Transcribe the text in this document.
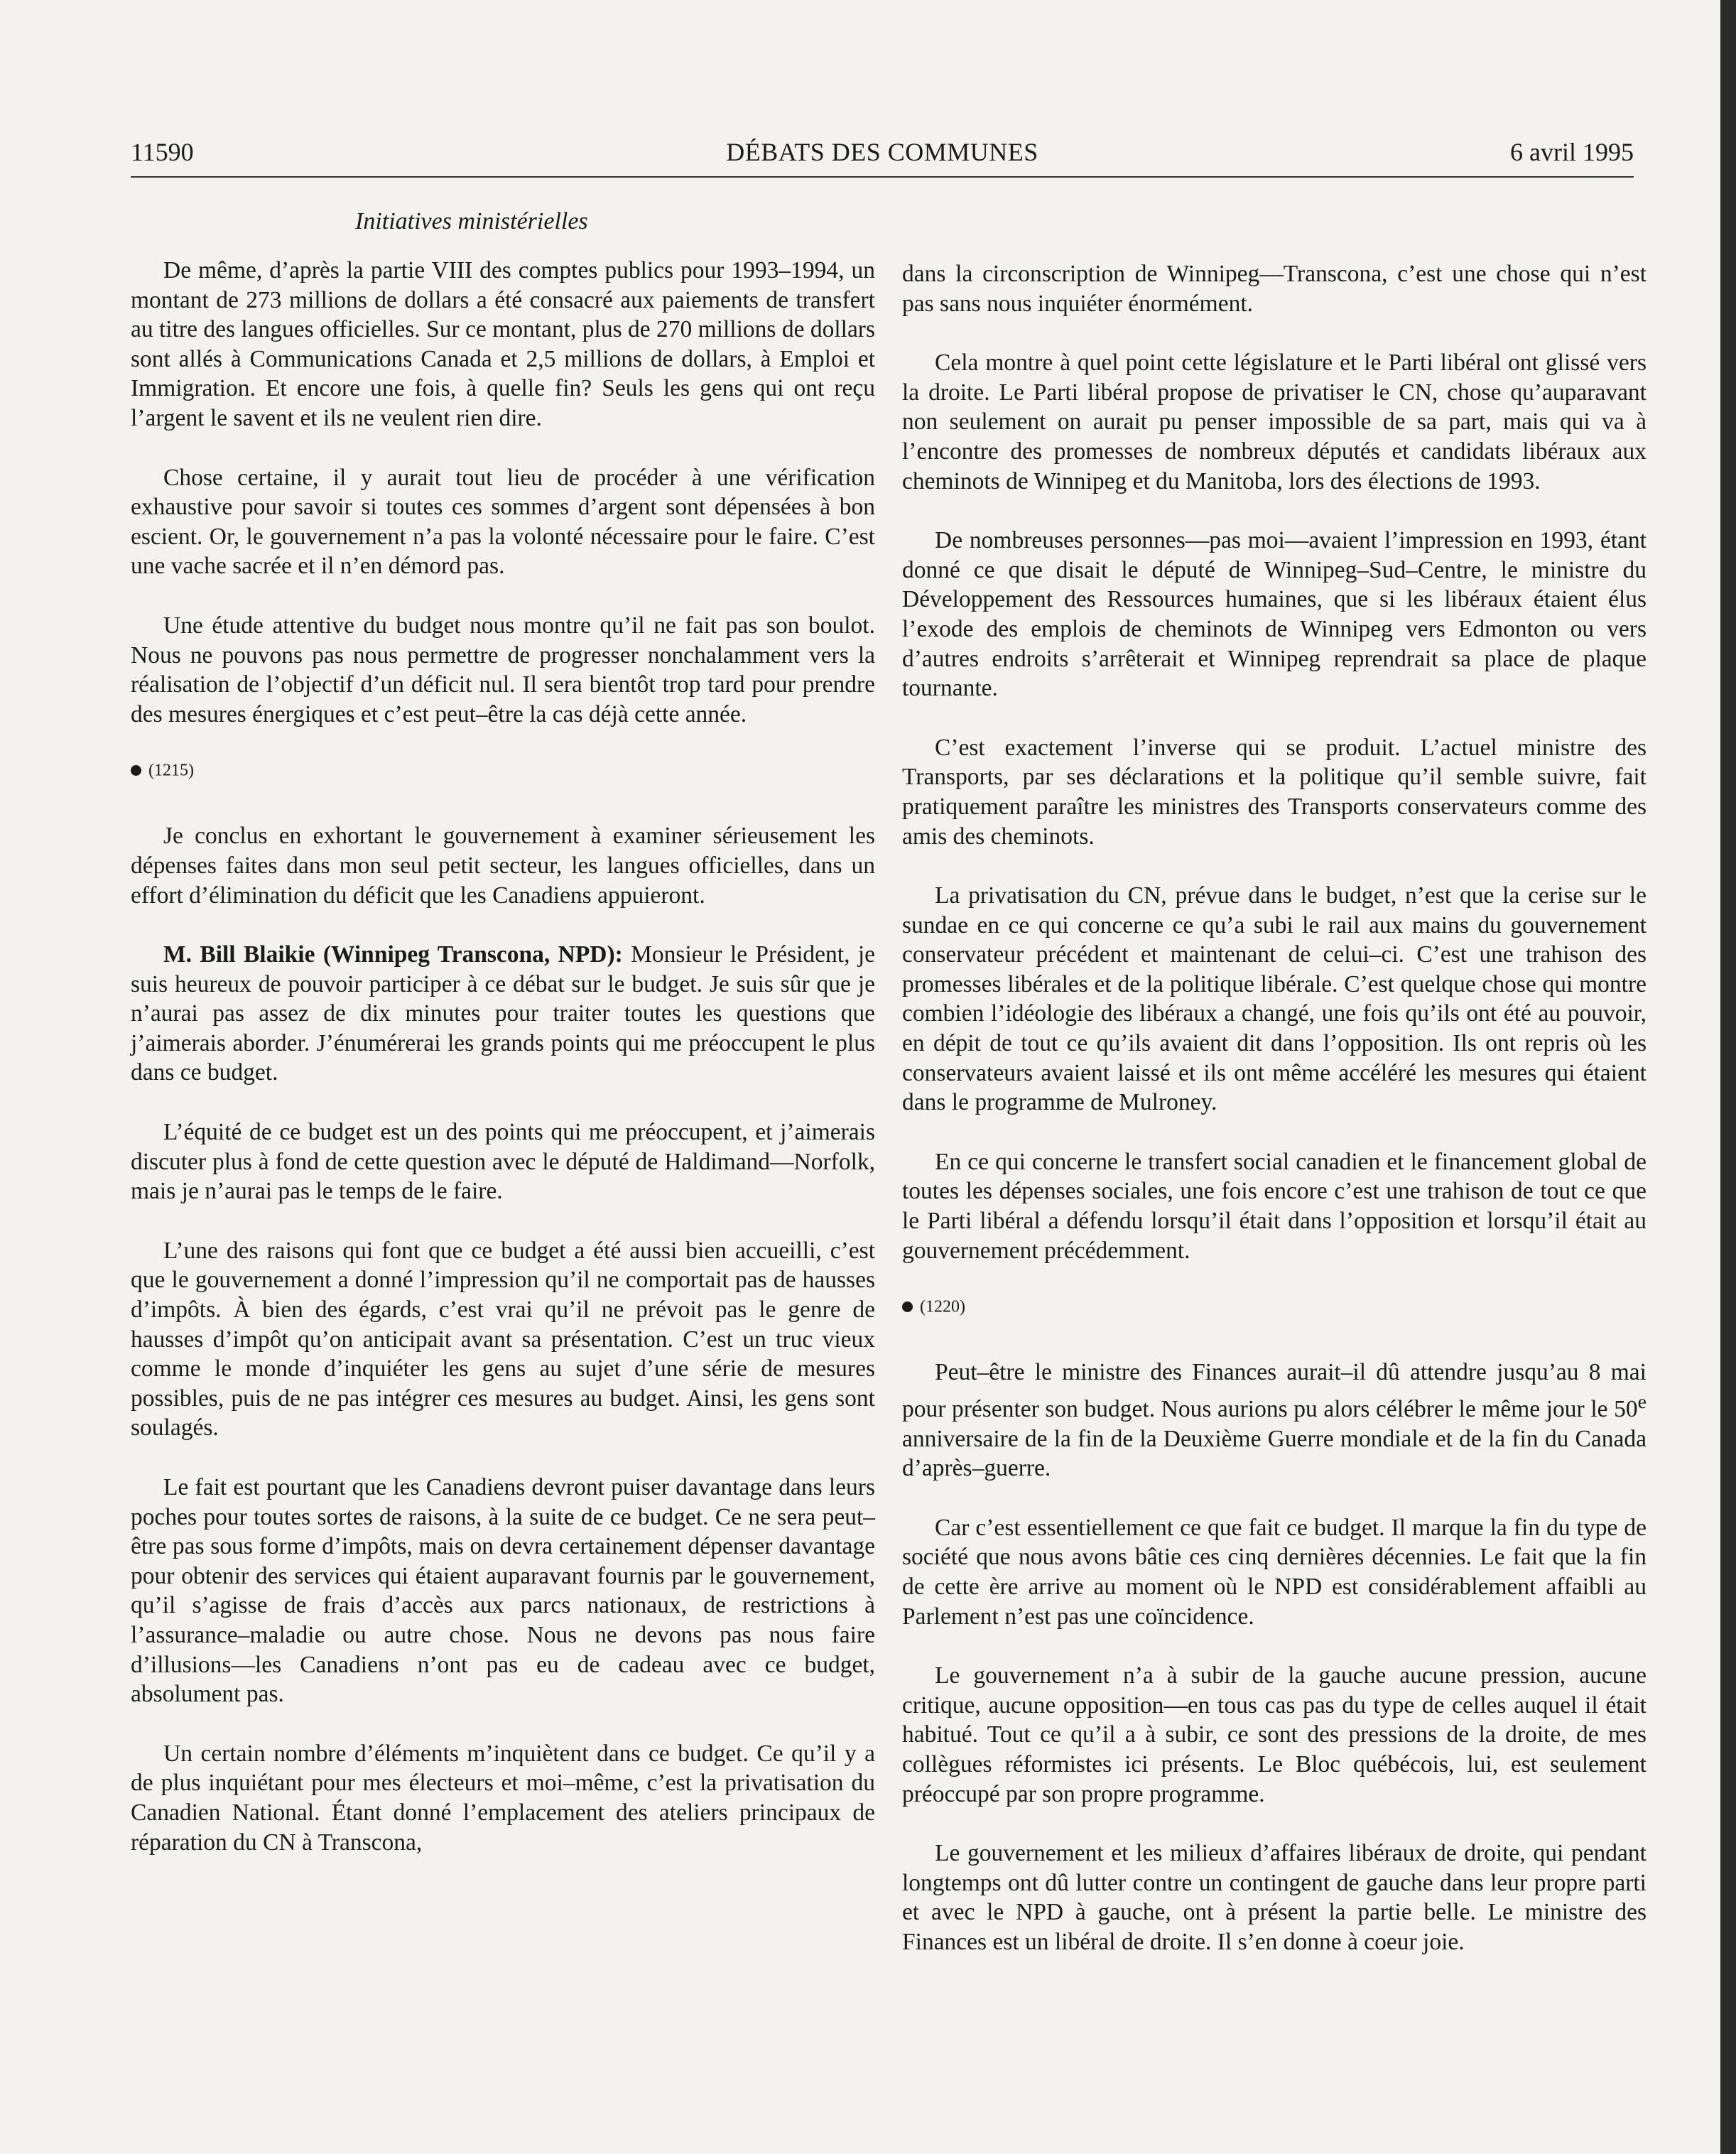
11590	DÉBATS DES COMMUNES	6 avril 1995
Initiatives ministérielles

De même, d’après la partie VIII des comptes publics pour 1993–1994, un montant de 273 millions de dollars a été consacré aux paiements de transfert au titre des langues officielles. Sur ce montant, plus de 270 millions de dollars sont allés à Communications Canada et 2,5 millions de dollars, à Emploi et Immigration. Et encore une fois, à quelle fin? Seuls les gens qui ont reçu l’argent le savent et ils ne veulent rien dire.

Chose certaine, il y aurait tout lieu de procéder à une vérification exhaustive pour savoir si toutes ces sommes d’argent sont dépensées à bon escient. Or, le gouvernement n’a pas la volonté nécessaire pour le faire. C’est une vache sacrée et il n’en démord pas.

Une étude attentive du budget nous montre qu’il ne fait pas son boulot. Nous ne pouvons pas nous permettre de progresser nonchalamment vers la réalisation de l’objectif d’un déficit nul. Il sera bientôt trop tard pour prendre des mesures énergiques et c’est peut–être la cas déjà cette année.

(1215)

Je conclus en exhortant le gouvernement à examiner sérieusement les dépenses faites dans mon seul petit secteur, les langues officielles, dans un effort d’élimination du déficit que les Canadiens appuieront.

M. Bill Blaikie (Winnipeg Transcona, NPD): Monsieur le Président, je suis heureux de pouvoir participer à ce débat sur le budget. Je suis sûr que je n’aurai pas assez de dix minutes pour traiter toutes les questions que j’aimerais aborder. J’énumérerai les grands points qui me préoccupent le plus dans ce budget.

L’équité de ce budget est un des points qui me préoccupent, et j’aimerais discuter plus à fond de cette question avec le député de Haldimand—Norfolk, mais je n’aurai pas le temps de le faire.

L’une des raisons qui font que ce budget a été aussi bien accueilli, c’est que le gouvernement a donné l’impression qu’il ne comportait pas de hausses d’impôts. À bien des égards, c’est vrai qu’il ne prévoit pas le genre de hausses d’impôt qu’on anticipait avant sa présentation. C’est un truc vieux comme le monde d’inquiéter les gens au sujet d’une série de mesures possibles, puis de ne pas intégrer ces mesures au budget. Ainsi, les gens sont soulagés.

Le fait est pourtant que les Canadiens devront puiser davantage dans leurs poches pour toutes sortes de raisons, à la suite de ce budget. Ce ne sera peut–être pas sous forme d’impôts, mais on devra certainement dépenser davantage pour obtenir des services qui étaient auparavant fournis par le gouvernement, qu’il s’agisse de frais d’accès aux parcs nationaux, de restrictions à l’assurance–maladie ou autre chose. Nous ne devons pas nous faire d’illusions—les Canadiens n’ont pas eu de cadeau avec ce budget, absolument pas.

Un certain nombre d’éléments m’inquiètent dans ce budget. Ce qu’il y a de plus inquiétant pour mes électeurs et moi–même, c’est la privatisation du Canadien National. Étant donné l’emplacement des ateliers principaux de réparation du CN à Transcona,

dans la circonscription de Winnipeg—Transcona, c’est une chose qui n’est pas sans nous inquiéter énormément.

Cela montre à quel point cette législature et le Parti libéral ont glissé vers la droite. Le Parti libéral propose de privatiser le CN, chose qu’auparavant non seulement on aurait pu penser impossible de sa part, mais qui va à l’encontre des promesses de nombreux députés et candidats libéraux aux cheminots de Winnipeg et du Manitoba, lors des élections de 1993.

De nombreuses personnes—pas moi—avaient l’impression en 1993, étant donné ce que disait le député de Winnipeg–Sud–Centre, le ministre du Développement des Ressources humaines, que si les libéraux étaient élus l’exode des emplois de cheminots de Winnipeg vers Edmonton ou vers d’autres endroits s’arrêterait et Winnipeg reprendrait sa place de plaque tournante.

C’est exactement l’inverse qui se produit. L’actuel ministre des Transports, par ses déclarations et la politique qu’il semble suivre, fait pratiquement paraître les ministres des Transports conservateurs comme des amis des cheminots.

La privatisation du CN, prévue dans le budget, n’est que la cerise sur le sundae en ce qui concerne ce qu’a subi le rail aux mains du gouvernement conservateur précédent et maintenant de celui–ci. C’est une trahison des promesses libérales et de la politique libérale. C’est quelque chose qui montre combien l’idéologie des libéraux a changé, une fois qu’ils ont été au pouvoir, en dépit de tout ce qu’ils avaient dit dans l’opposition. Ils ont repris où les conservateurs avaient laissé et ils ont même accéléré les mesures qui étaient dans le programme de Mulroney.

En ce qui concerne le transfert social canadien et le financement global de toutes les dépenses sociales, une fois encore c’est une trahison de tout ce que le Parti libéral a défendu lorsqu’il était dans l’opposition et lorsqu’il était au gouvernement précédemment.

(1220)

Peut–être le ministre des Finances aurait–il dû attendre jusqu’au 8 mai pour présenter son budget. Nous aurions pu alors célébrer le même jour le 50e anniversaire de la fin de la Deuxième Guerre mondiale et de la fin du Canada d’après–guerre.

Car c’est essentiellement ce que fait ce budget. Il marque la fin du type de société que nous avons bâtie ces cinq dernières décennies. Le fait que la fin de cette ère arrive au moment où le NPD est considérablement affaibli au Parlement n’est pas une coïncidence.

Le gouvernement n’a à subir de la gauche aucune pression, aucune critique, aucune opposition—en tous cas pas du type de celles auquel il était habitué. Tout ce qu’il a à subir, ce sont des pressions de la droite, de mes collègues réformistes ici présents. Le Bloc québécois, lui, est seulement préoccupé par son propre programme.

Le gouvernement et les milieux d’affaires libéraux de droite, qui pendant longtemps ont dû lutter contre un contingent de gauche dans leur propre parti et avec le NPD à gauche, ont à présent la partie belle. Le ministre des Finances est un libéral de droite. Il s’en donne à coeur joie.
